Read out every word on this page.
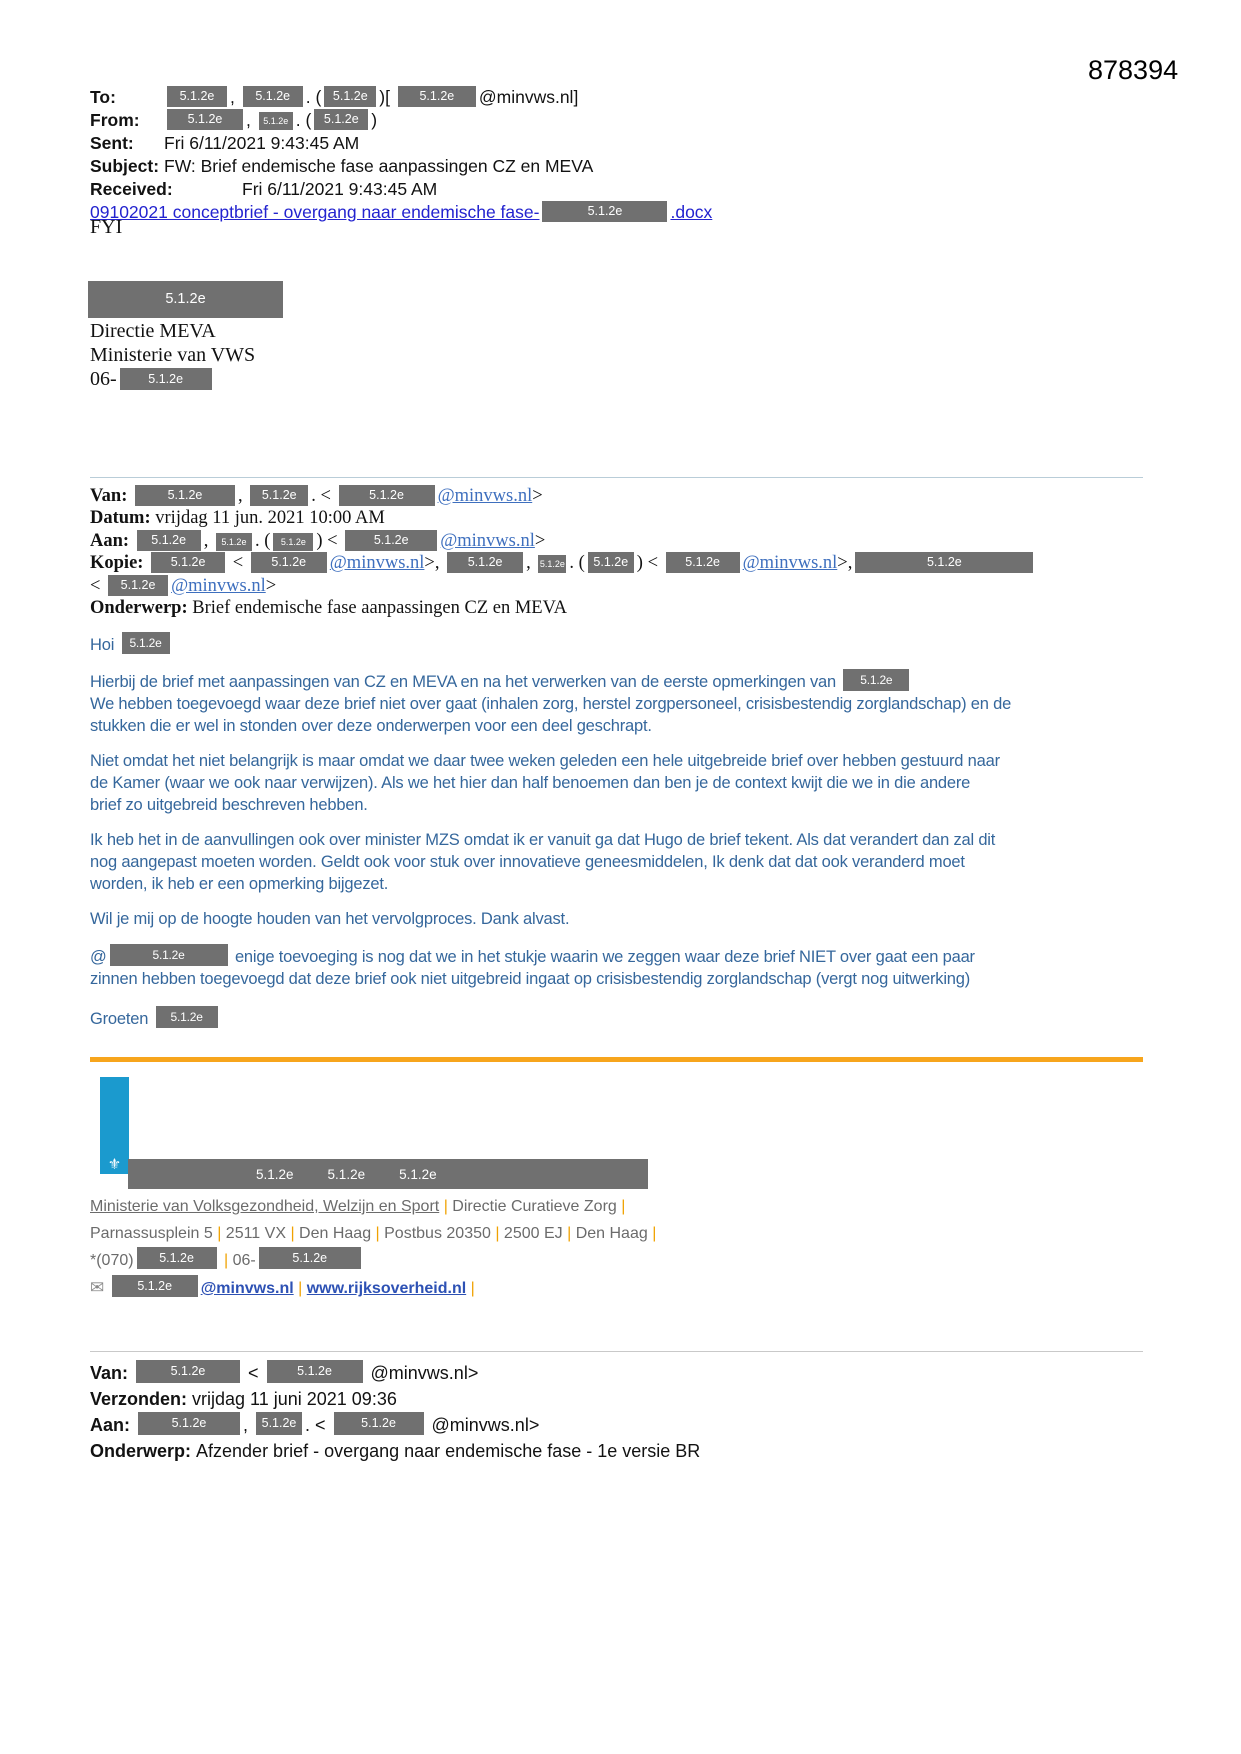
878394
To:	5.1.2e , 5.1.2e . ( 5.1.2e )[ 5.1.2e @minvws.nl]
From:	5.1.2e , 5.1.2e . ( 5.1.2e )
Sent:	Fri 6/11/2021 9:43:45 AM
Subject: FW: Brief endemische fase aanpassingen CZ en MEVA
Received:	Fri 6/11/2021 9:43:45 AM
09102021 conceptbrief - overgang naar endemische fase-	5.1.2e	.docx
FYI
5.1.2e
Directie MEVA
Ministerie van VWS
06-	5.1.2e
Van:	5.1.2e , 5.1.2e . <	5.1.2e @minvws.nl>
Datum: vrijdag 11 jun. 2021 10:00 AM
Aan: 5.1.2e , 5.1.2e . ( 5.1.2e ) <	5.1.2e @minvws.nl>
Kopie: 5.1.2e < 5.1.2e @minvws.nl>, 5.1.2e , 5.1.2e . ( 5.1.2e ) < 5.1.2e @minvws.nl>,	5.1.2e
< 5.1.2e @minvws.nl>
Onderwerp: Brief endemische fase aanpassingen CZ en MEVA

Hoi 5.1.2e

Hierbij de brief met aanpassingen van CZ en MEVA en na het verwerken van de eerste opmerkingen van 5.1.2e
We hebben toegevoegd waar deze brief niet over gaat (inhalen zorg, herstel zorgpersoneel, crisisbestendig zorglandschap) en de
stukken die er wel in stonden over deze onderwerpen voor een deel geschrapt.

Niet omdat het niet belangrijk is maar omdat we daar twee weken geleden een hele uitgebreide brief over hebben gestuurd naar
de Kamer (waar we ook naar verwijzen). Als we het hier dan half benoemen dan ben je de context kwijt die we in die andere
brief zo uitgebreid beschreven hebben.

Ik heb het in de aanvullingen ook over minister MZS omdat ik er vanuit ga dat Hugo de brief tekent. Als dat verandert dan zal dit
nog aangepast moeten worden. Geldt ook voor stuk over innovatieve geneesmiddelen, Ik denk dat dat ook veranderd moet
worden, ik heb er een opmerking bijgezet.

Wil je mij op de hoogte houden van het vervolgproces. Dank alvast.

@	5.1.2e	enige toevoeging is nog dat we in het stukje waarin we zeggen waar deze brief NIET over gaat een paar
zinnen hebben toegevoegd dat deze brief ook niet uitgebreid ingaat op crisisbestendig zorglandschap (vergt nog uitwerking)

Groeten 5.1.2e

⚜
5.1.2e	5.1.2e	5.1.2e

Ministerie van Volksgezondheid, Welzijn en Sport | Directie Curatieve Zorg |

Parnassusplein 5 | 2511 VX | Den Haag | Postbus 20350 | 2500 EJ | Den Haag |

*(070) 5.1.2e | 06-	5.1.2e

✉	5.1.2e @minvws.nl | www.rijksoverheid.nl |

Van:	5.1.2e <	5.1.2e @minvws.nl>
Verzonden: vrijdag 11 juni 2021 09:36
Aan:	5.1.2e , 5.1.2e . < 5.1.2e @minvws.nl>
Onderwerp: Afzender brief - overgang naar endemische fase - 1e versie BR
